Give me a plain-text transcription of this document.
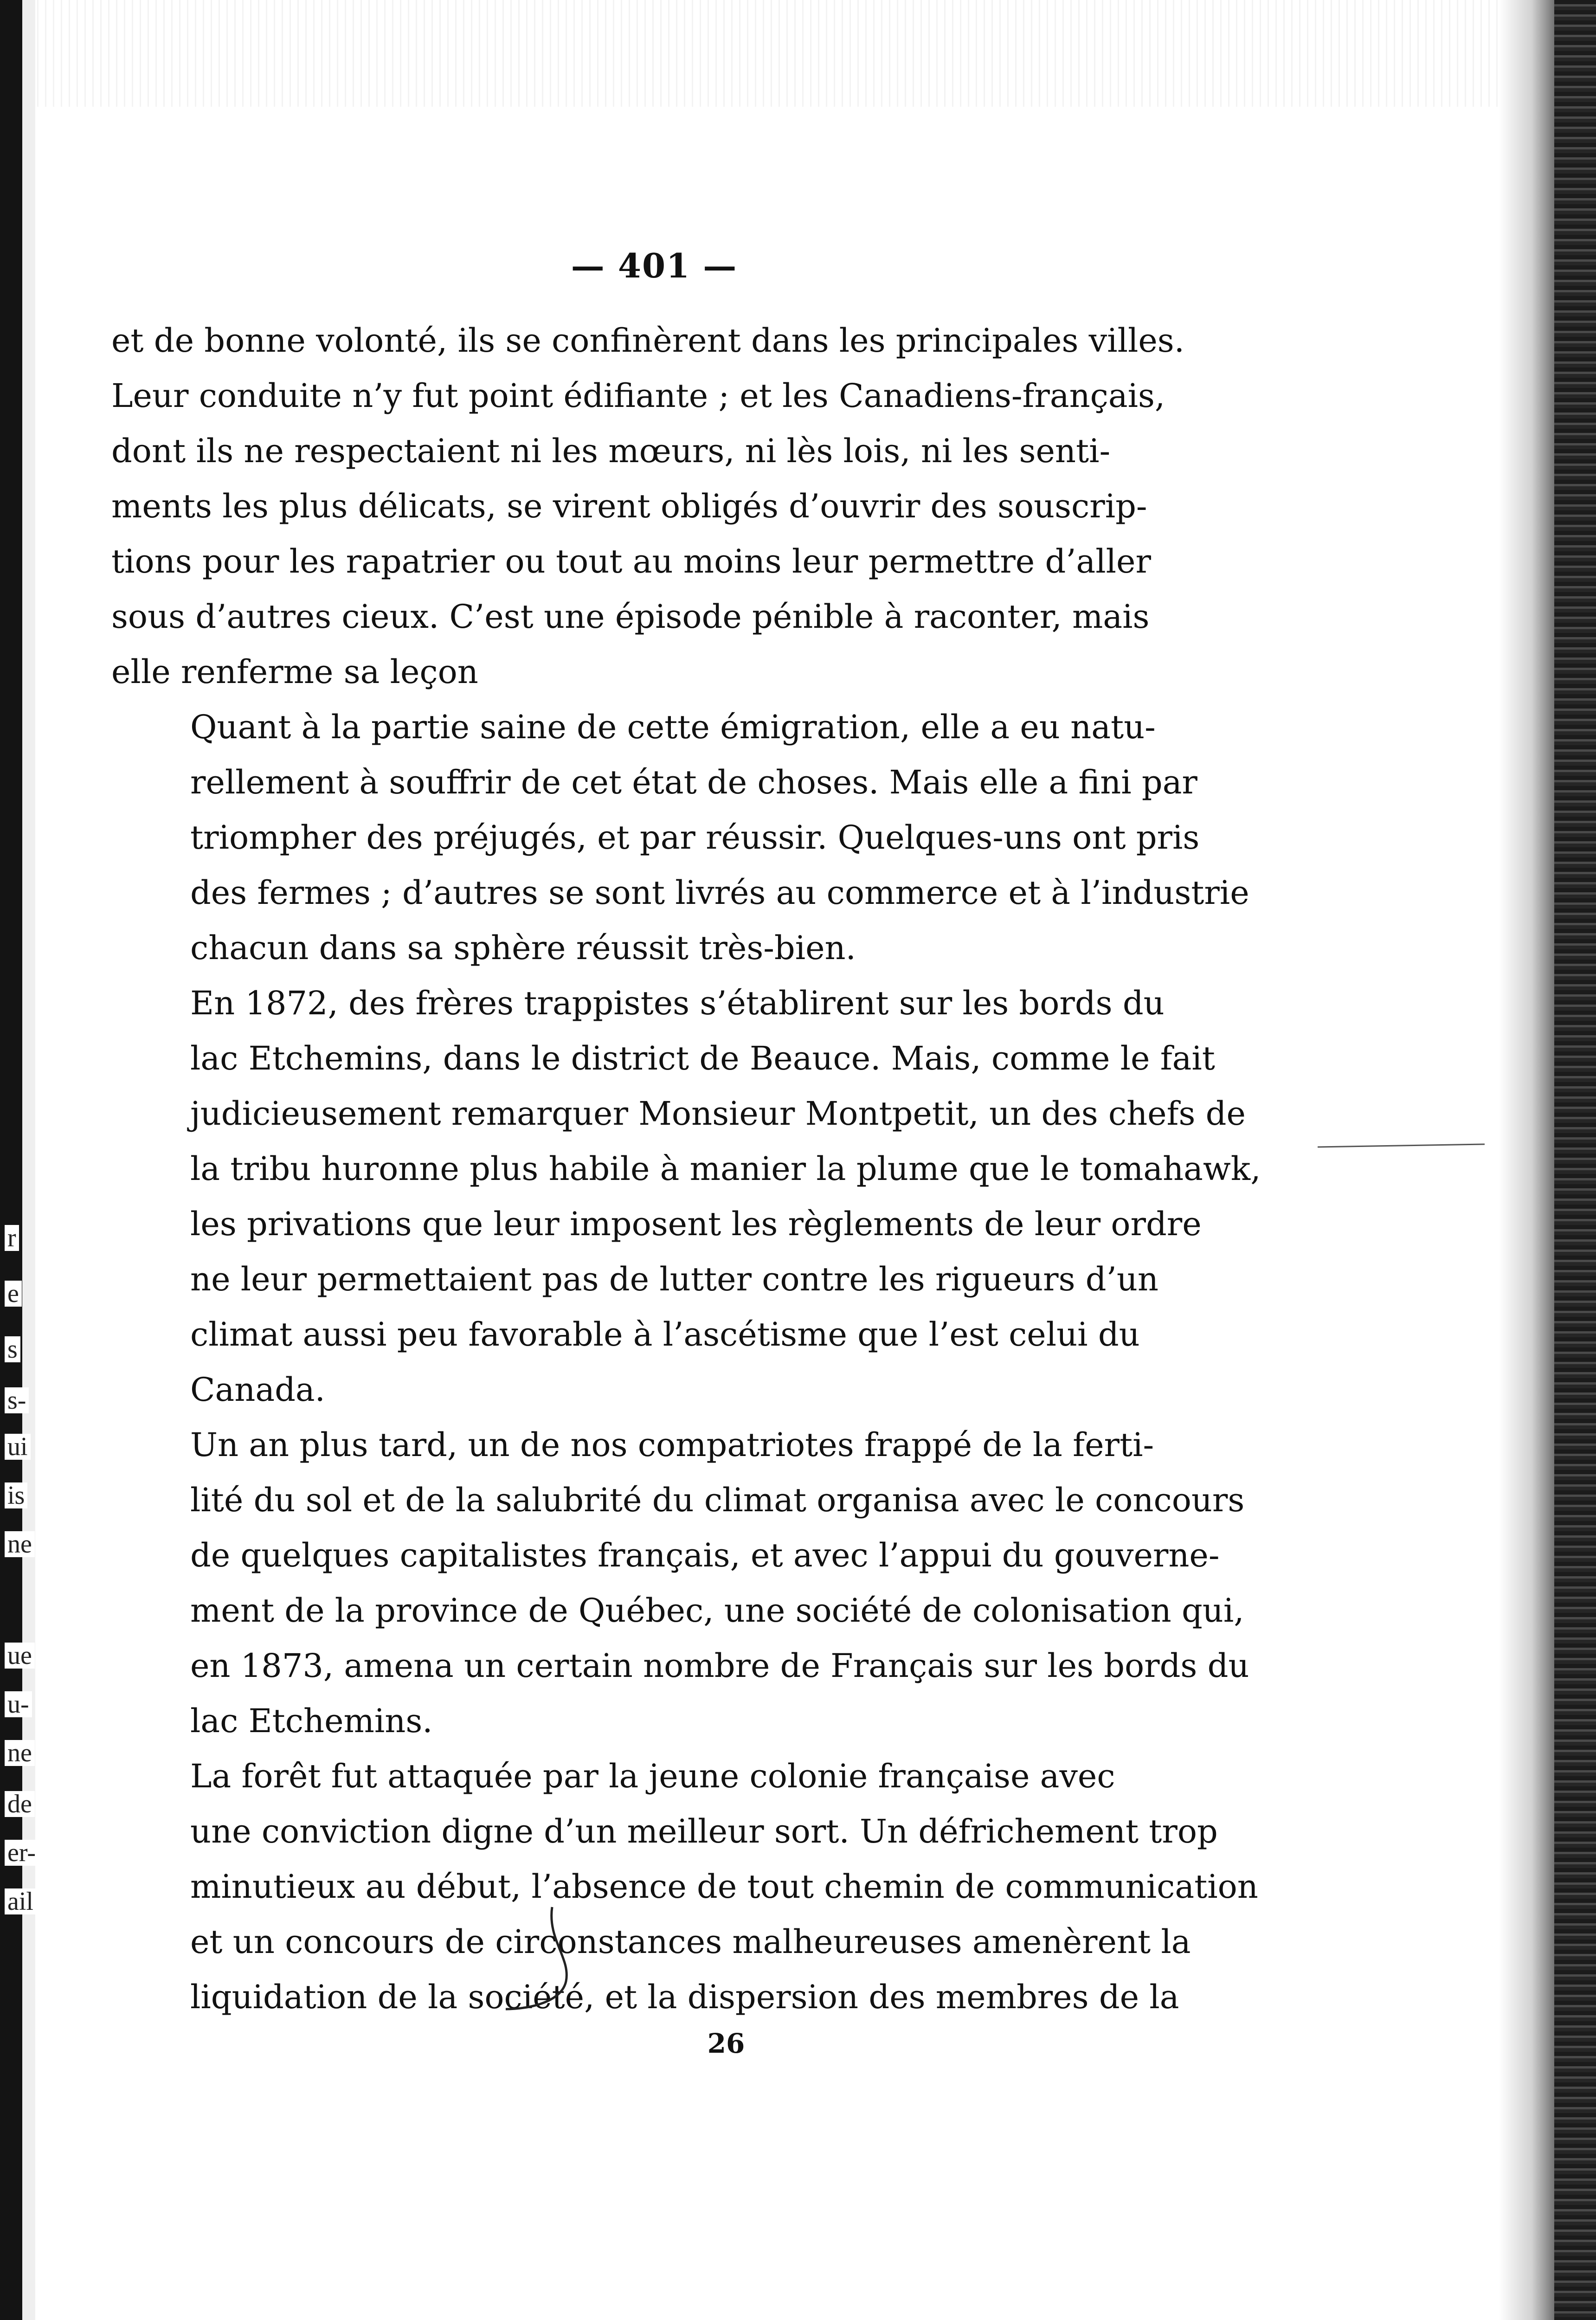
r
e
s
s-
ui
is
ne
ue
u-
ne
de
er-
ail
— 401 —

et de bonne volonté, ils se confinèrent dans les principales villes.
Leur conduite n’y fut point édifiante ; et les Canadiens-français,
dont ils ne respectaient ni les mœurs, ni lès lois, ni les senti-
ments les plus délicats, se virent obligés d’ouvrir des souscrip-
tions pour les rapatrier ou tout au moins leur permettre d’aller
sous d’autres cieux. C’est une épisode pénible à raconter, mais
elle renferme sa leçon

Quant à la partie saine de cette émigration, elle a eu natu-
rellement à souffrir de cet état de choses. Mais elle a fini par
triompher des préjugés, et par réussir. Quelques-uns ont pris
des fermes ; d’autres se sont livrés au commerce et à l’industrie
chacun dans sa sphère réussit très-bien.

En 1872, des frères trappistes s’établirent sur les bords du
lac Etchemins, dans le district de Beauce. Mais, comme le fait
judicieusement remarquer Monsieur Montpetit, un des chefs de
la tribu huronne plus habile à manier la plume que le tomahawk,
les privations que leur imposent les règlements de leur ordre
ne leur permettaient pas de lutter contre les rigueurs d’un
climat aussi peu favorable à l’ascétisme que l’est celui du
Canada.

Un an plus tard, un de nos compatriotes frappé de la ferti-
lité du sol et de la salubrité du climat organisa avec le concours
de quelques capitalistes français, et avec l’appui du gouverne-
ment de la province de Québec, une société de colonisation qui,
en 1873, amena un certain nombre de Français sur les bords du
lac Etchemins.

La forêt fut attaquée par la jeune colonie française avec
une conviction digne d’un meilleur sort. Un défrichement trop
minutieux au début, l’absence de tout chemin de communication
et un concours de circonstances malheureuses amenèrent la
liquidation de la société, et la dispersion des membres de la

26
